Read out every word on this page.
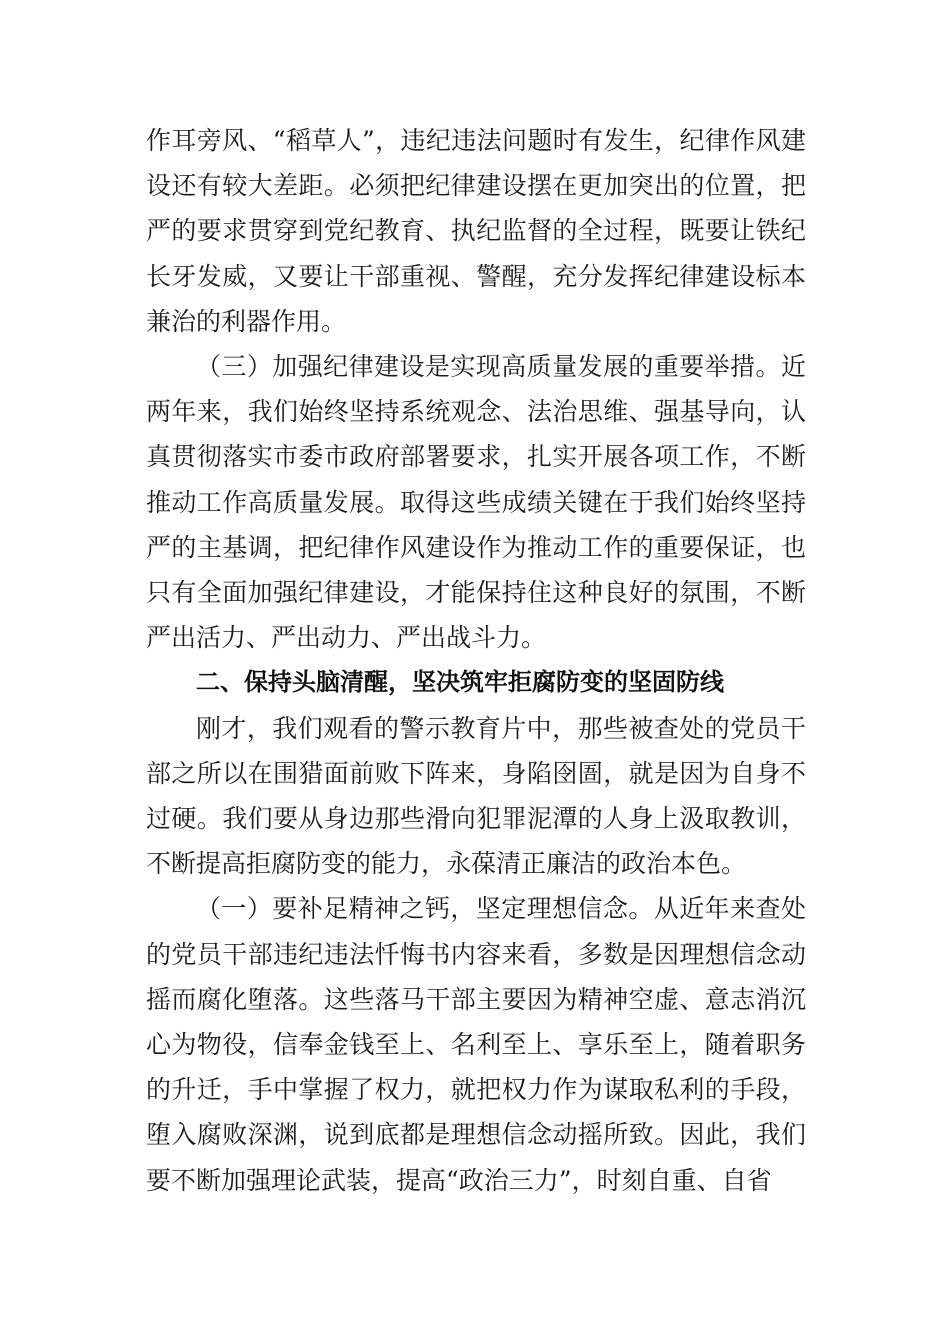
作耳旁风、“稻草人”，违纪违法问题时有发生，纪律作风建设还有较大差距。必须把纪律建设摆在更加突出的位置，把严的要求贯穿到党纪教育、执纪监督的全过程，既要让铁纪长牙发威，又要让干部重视、警醒，充分发挥纪律建设标本兼治的利器作用。

（三）加强纪律建设是实现高质量发展的重要举措。近两年来，我们始终坚持系统观念、法治思维、强基导向，认真贯彻落实市委市政府部署要求，扎实开展各项工作，不断推动工作高质量发展。取得这些成绩关键在于我们始终坚持严的主基调，把纪律作风建设作为推动工作的重要保证，也只有全面加强纪律建设，才能保持住这种良好的氛围，不断严出活力、严出动力、严出战斗力。

二、保持头脑清醒，坚决筑牢拒腐防变的坚固防线

刚才，我们观看的警示教育片中，那些被查处的党员干部之所以在围猎面前败下阵来，身陷囹圄，就是因为自身不过硬。我们要从身边那些滑向犯罪泥潭的人身上汲取教训，不断提高拒腐防变的能力，永葆清正廉洁的政治本色。

（一）要补足精神之钙，坚定理想信念。从近年来查处的党员干部违纪违法忏悔书内容来看，多数是因理想信念动摇而腐化堕落。这些落马干部主要因为精神空虚、意志消沉心为物役，信奉金钱至上、名利至上、享乐至上，随着职务的升迁，手中掌握了权力，就把权力作为谋取私利的手段，堕入腐败深渊，说到底都是理想信念动摇所致。因此，我们要不断加强理论武装，提高“政治三力”，时刻自重、自省
